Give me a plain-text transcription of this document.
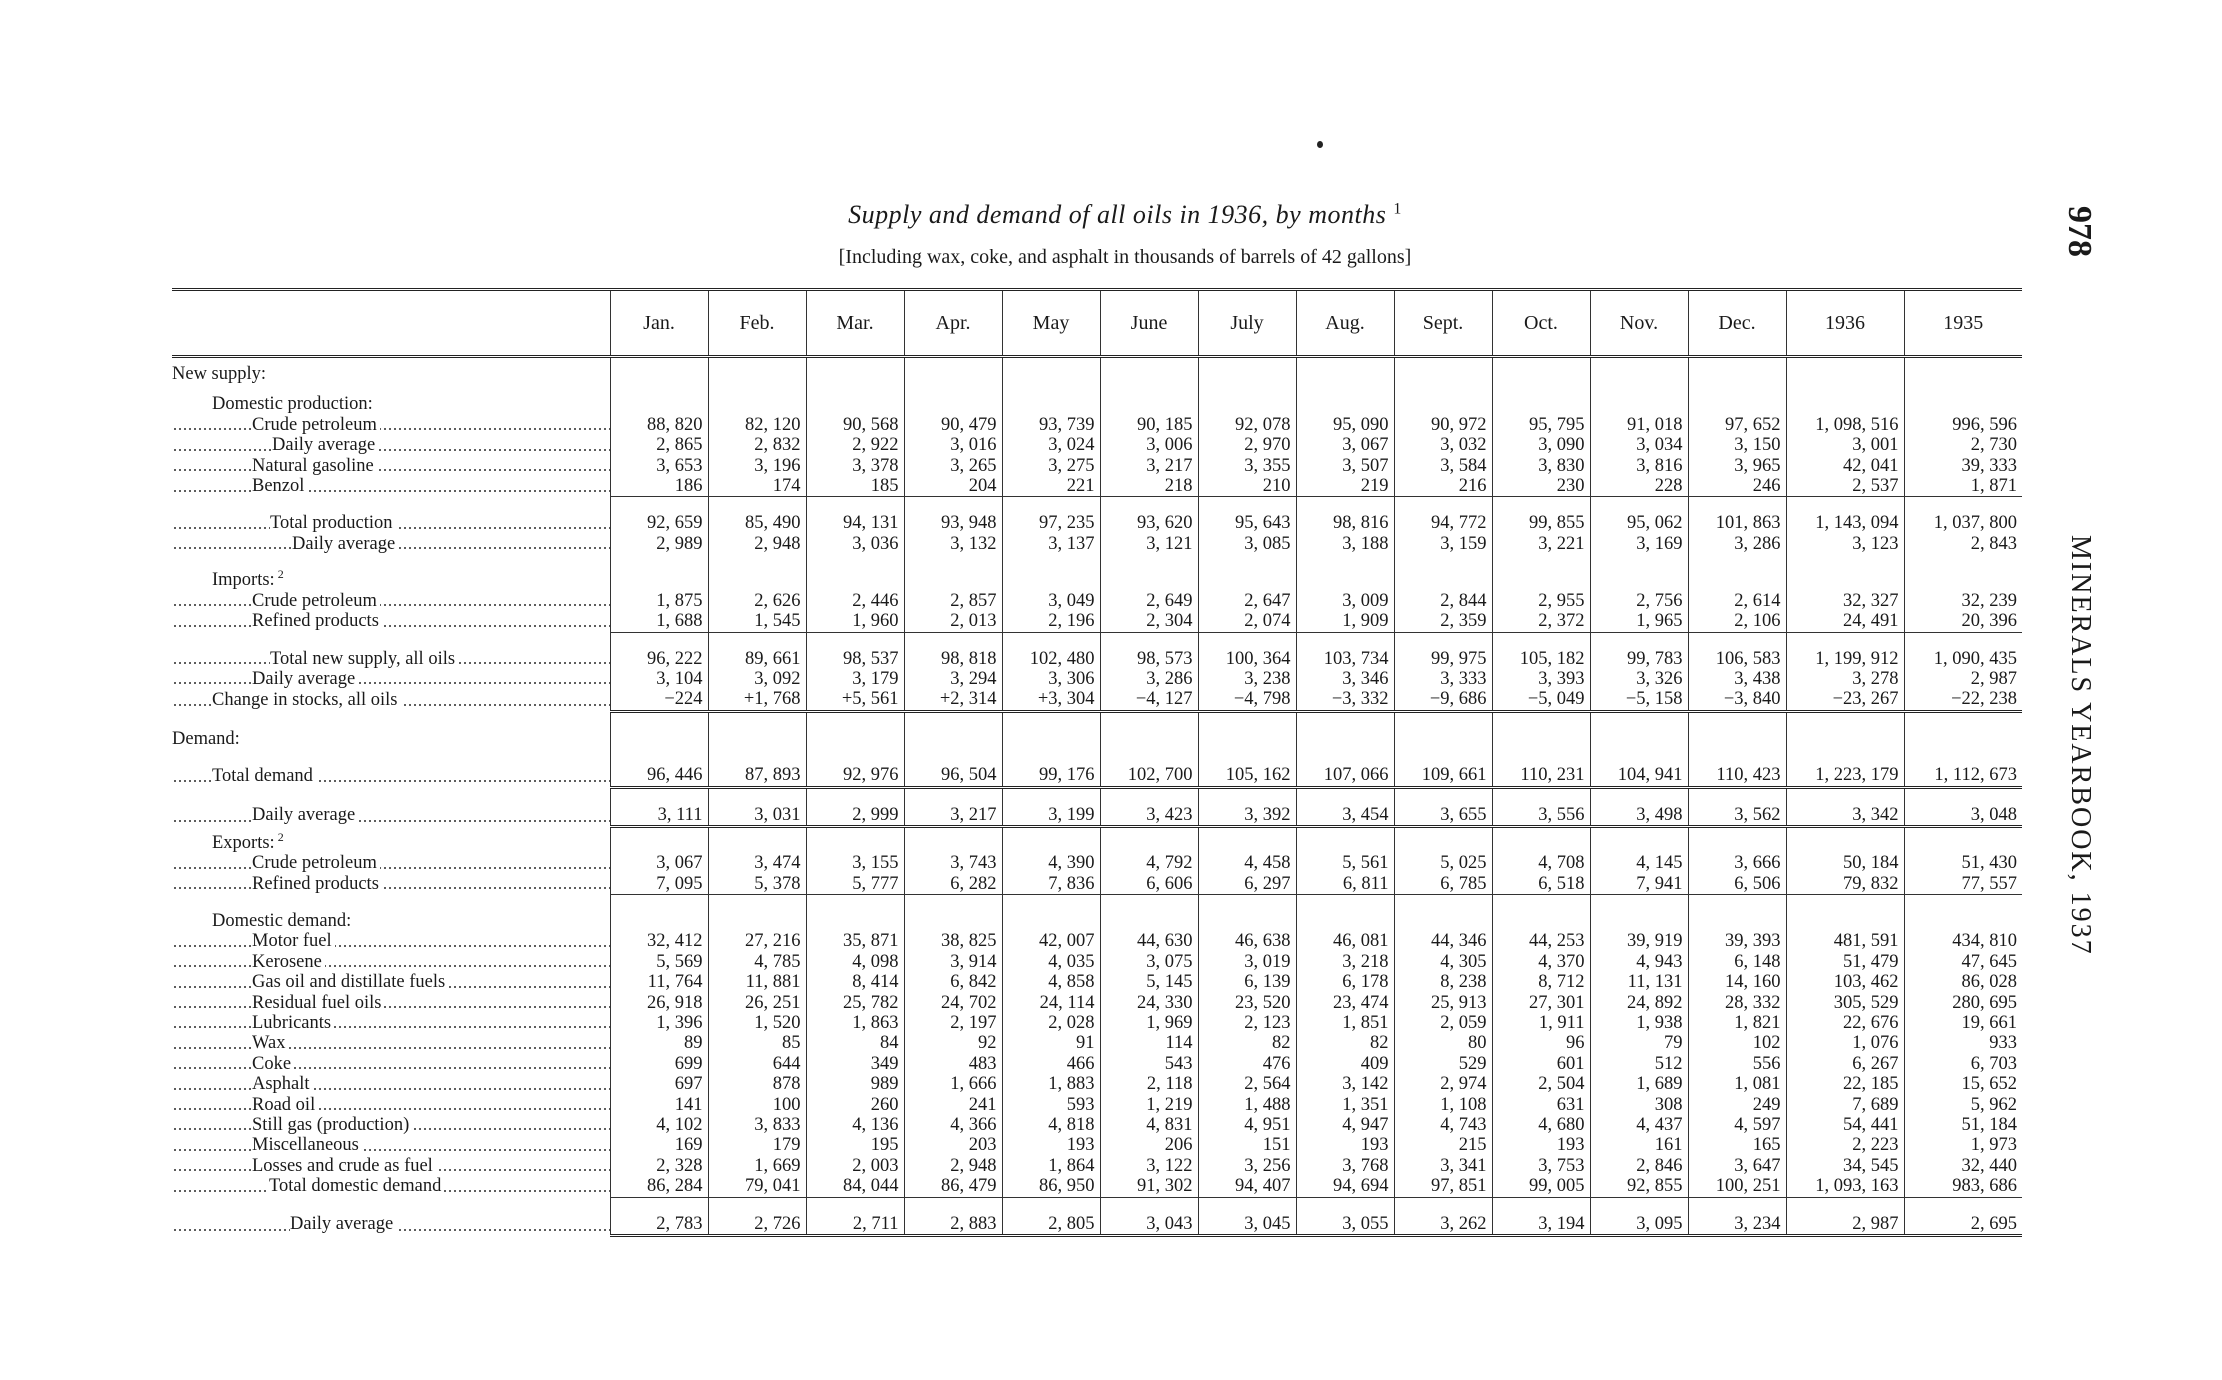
Supply and demand of all oils in 1936, by months $^1$
[Including wax, coke, and asphalt in thousands of barrels of 42 gallons]	978
MINERALS YEARBOOK, 1937
	Jan.	Feb.	Mar.	Apr.	May	June	July	Aug.	Sept.	Oct.	Nov.	Dec.	1936	1935
New supply:														

Domestic production:														
Crude petroleum	88, 820	82, 120	90, 568	90, 479	93, 739	90, 185	92, 078	95, 090	90, 972	95, 795	91, 018	97, 652	1, 098, 516	996, 596
Daily average	2, 865	2, 832	2, 922	3, 016	3, 024	3, 006	2, 970	3, 067	3, 032	3, 090	3, 034	3, 150	3, 001	2, 730
Natural gasoline	3, 653	3, 196	3, 378	3, 265	3, 275	3, 217	3, 355	3, 507	3, 584	3, 830	3, 816	3, 965	42, 041	39, 333
Benzol	186	174	185	204	221	218	210	219	216	230	228	246	2, 537	1, 871

Total production	92, 659	85, 490	94, 131	93, 948	97, 235	93, 620	95, 643	98, 816	94, 772	99, 855	95, 062	101, 863	1, 143, 094	1, 037, 800
Daily average	2, 989	2, 948	3, 036	3, 132	3, 137	3, 121	3, 085	3, 188	3, 159	3, 221	3, 169	3, 286	3, 123	2, 843

Imports: $^2$														
Crude petroleum	1, 875	2, 626	2, 446	2, 857	3, 049	2, 649	2, 647	3, 009	2, 844	2, 955	2, 756	2, 614	32, 327	32, 239
Refined products	1, 688	1, 545	1, 960	2, 013	2, 196	2, 304	2, 074	1, 909	2, 359	2, 372	1, 965	2, 106	24, 491	20, 396

Total new supply, all oils	96, 222	89, 661	98, 537	98, 818	102, 480	98, 573	100, 364	103, 734	99, 975	105, 182	99, 783	106, 583	1, 199, 912	1, 090, 435
Daily average	3, 104	3, 092	3, 179	3, 294	3, 306	3, 286	3, 238	3, 346	3, 333	3, 393	3, 326	3, 438	3, 278	2, 987
Change in stocks, all oils	−224	+1, 768	+5, 561	+2, 314	+3, 304	−4, 127	−4, 798	−3, 332	−9, 686	−5, 049	−5, 158	−3, 840	−23, 267	−22, 238

Demand:														

Total demand	96, 446	87, 893	92, 976	96, 504	99, 176	102, 700	105, 162	107, 066	109, 661	110, 231	104, 941	110, 423	1, 223, 179	1, 112, 673

Daily average	3, 111	3, 031	2, 999	3, 217	3, 199	3, 423	3, 392	3, 454	3, 655	3, 556	3, 498	3, 562	3, 342	3, 048
Exports: $^2$														
Crude petroleum	3, 067	3, 474	3, 155	3, 743	4, 390	4, 792	4, 458	5, 561	5, 025	4, 708	4, 145	3, 666	50, 184	51, 430
Refined products	7, 095	5, 378	5, 777	6, 282	7, 836	6, 606	6, 297	6, 811	6, 785	6, 518	7, 941	6, 506	79, 832	77, 557

Domestic demand:														
Motor fuel	32, 412	27, 216	35, 871	38, 825	42, 007	44, 630	46, 638	46, 081	44, 346	44, 253	39, 919	39, 393	481, 591	434, 810
Kerosene	5, 569	4, 785	4, 098	3, 914	4, 035	3, 075	3, 019	3, 218	4, 305	4, 370	4, 943	6, 148	51, 479	47, 645
Gas oil and distillate fuels	11, 764	11, 881	8, 414	6, 842	4, 858	5, 145	6, 139	6, 178	8, 238	8, 712	11, 131	14, 160	103, 462	86, 028
Residual fuel oils	26, 918	26, 251	25, 782	24, 702	24, 114	24, 330	23, 520	23, 474	25, 913	27, 301	24, 892	28, 332	305, 529	280, 695
Lubricants	1, 396	1, 520	1, 863	2, 197	2, 028	1, 969	2, 123	1, 851	2, 059	1, 911	1, 938	1, 821	22, 676	19, 661
Wax	89	85	84	92	91	114	82	82	80	96	79	102	1, 076	933
Coke	699	644	349	483	466	543	476	409	529	601	512	556	6, 267	6, 703
Asphalt	697	878	989	1, 666	1, 883	2, 118	2, 564	3, 142	2, 974	2, 504	1, 689	1, 081	22, 185	15, 652
Road oil	141	100	260	241	593	1, 219	1, 488	1, 351	1, 108	631	308	249	7, 689	5, 962
Still gas (production)	4, 102	3, 833	4, 136	4, 366	4, 818	4, 831	4, 951	4, 947	4, 743	4, 680	4, 437	4, 597	54, 441	51, 184
Miscellaneous	169	179	195	203	193	206	151	193	215	193	161	165	2, 223	1, 973
Losses and crude as fuel	2, 328	1, 669	2, 003	2, 948	1, 864	3, 122	3, 256	3, 768	3, 341	3, 753	2, 846	3, 647	34, 545	32, 440
Total domestic demand	86, 284	79, 041	84, 044	86, 479	86, 950	91, 302	94, 407	94, 694	97, 851	99, 005	92, 855	100, 251	1, 093, 163	983, 686

Daily average	2, 783	2, 726	2, 711	2, 883	2, 805	3, 043	3, 045	3, 055	3, 262	3, 194	3, 095	3, 234	2, 987	2, 695
